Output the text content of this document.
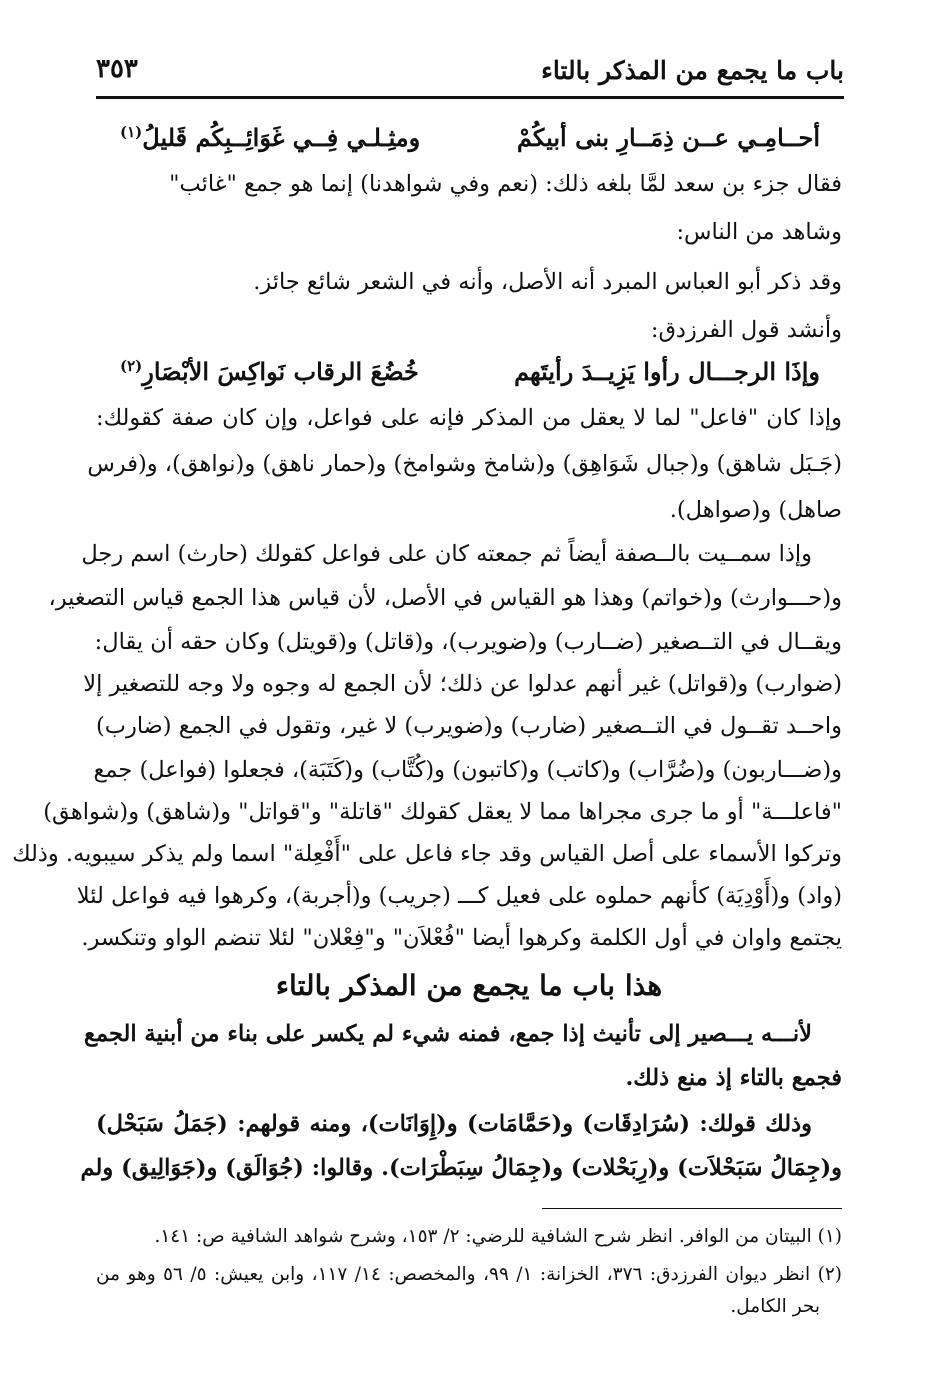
باب ما يجمع من المذكر بالتاء
٣٥٣
أحــامِـي عــن ذِمَــارِ بنى أبيكُمْ
ومثِـلـي فِــي غَوَائِــبِكُم قَليلُ$^{(١)}$
فقال جزء بن سعد لمَّا بلغه ذلك: (نعم وفي شواهدنا) إنما هو جمع "غائب"
وشاهد من الناس:
وقد ذكر أبو العباس المبرد أنه الأصل، وأنه في الشعر شائع جائز.
وأنشد قول الفرزدق:
وإذَا الرجـــال رأوا يَزِيــدَ رأيتَهم
خُضُعَ الرقاب نَواكِسَ الأبْصَارِ$^{(٢)}$
وإذا كان "فاعل" لما لا يعقل من المذكر فإنه على فواعل، وإن كان صفة كقولك:
(جَـبَل شاهق) و(جبال شَوَاهِق) و(شامخ وشوامخ) و(حمار ناهق) و(نواهق)، و(فرس
صاهل) و(صواهل).
وإذا سمــيت بالــصفة أيضاً ثم جمعته كان على فواعل كقولك (حارث) اسم رجل
و(حـــوارث) و(خواتم) وهذا هو القياس في الأصل، لأن قياس هذا الجمع قياس التصغير،
ويقــال في التــصغير (ضــارب) و(ضويرب)، و(قاتل) و(قويتل) وكان حقه أن يقال:
(ضوارب) و(قواتل) غير أنهم عدلوا عن ذلك؛ لأن الجمع له وجوه ولا وجه للتصغير إلا
واحــد تقــول في التــصغير (ضارب) و(ضويرب) لا غير، وتقول في الجمع (ضارب)
و(ضـــاربون) و(ضُرَّاب) و(كاتب) و(كاتبون) و(كُتَّاب) و(كَتَبَة)، فجعلوا (فواعل) جمع
"فاعلـــة" أو ما جرى مجراها مما لا يعقل كقولك "قاتلة" و"قواتل" و(شاهق) و(شواهق)
وتركوا الأسماء على أصل القياس وقد جاء فاعل على "أَفْعِلة" اسما ولم يذكر سيبويه. وذلك
(واد) و(أَوْدِيَة) كأنهم حملوه على فعيل كـــ (جريب) و(أجربة)، وكرهوا فيه فواعل لئلا
يجتمع واوان في أول الكلمة وكرهوا أيضا "فُعْلاَن" و"فِعْلان" لئلا تنضم الواو وتنكسر.
هذا باب ما يجمع من المذكر بالتاء
لأنـــه يـــصير إلى تأنيث إذا جمع، فمنه شيء لم يكسر على بناء من أبنية الجمع
فجمع بالتاء إذ منع ذلك.
وذلك قولك: (سُرَادِقَات) و(حَمَّامَات) و(إِوَانَات)، ومنه قولهم: (جَمَلُ سَبَحْل)
و(جِمَالُ سَبَحْلاَت) و(رِبَحْلات) و(جِمَالُ سِبَطْرَات). وقالوا: (جُوَالَق) و(جَوَالِيق) ولم
(١) البيتان من الوافر. انظر شرح الشافية للرضي: ٢/ ١٥٣، وشرح شواهد الشافية ص: ١٤١.
(٢) انظر ديوان الفرزدق: ٣٧٦، الخزانة: ١/ ٩٩، والمخصص: ١٤/ ١١٧، وابن يعيش: ٥/ ٥٦ وهو من
بحر الكامل.
